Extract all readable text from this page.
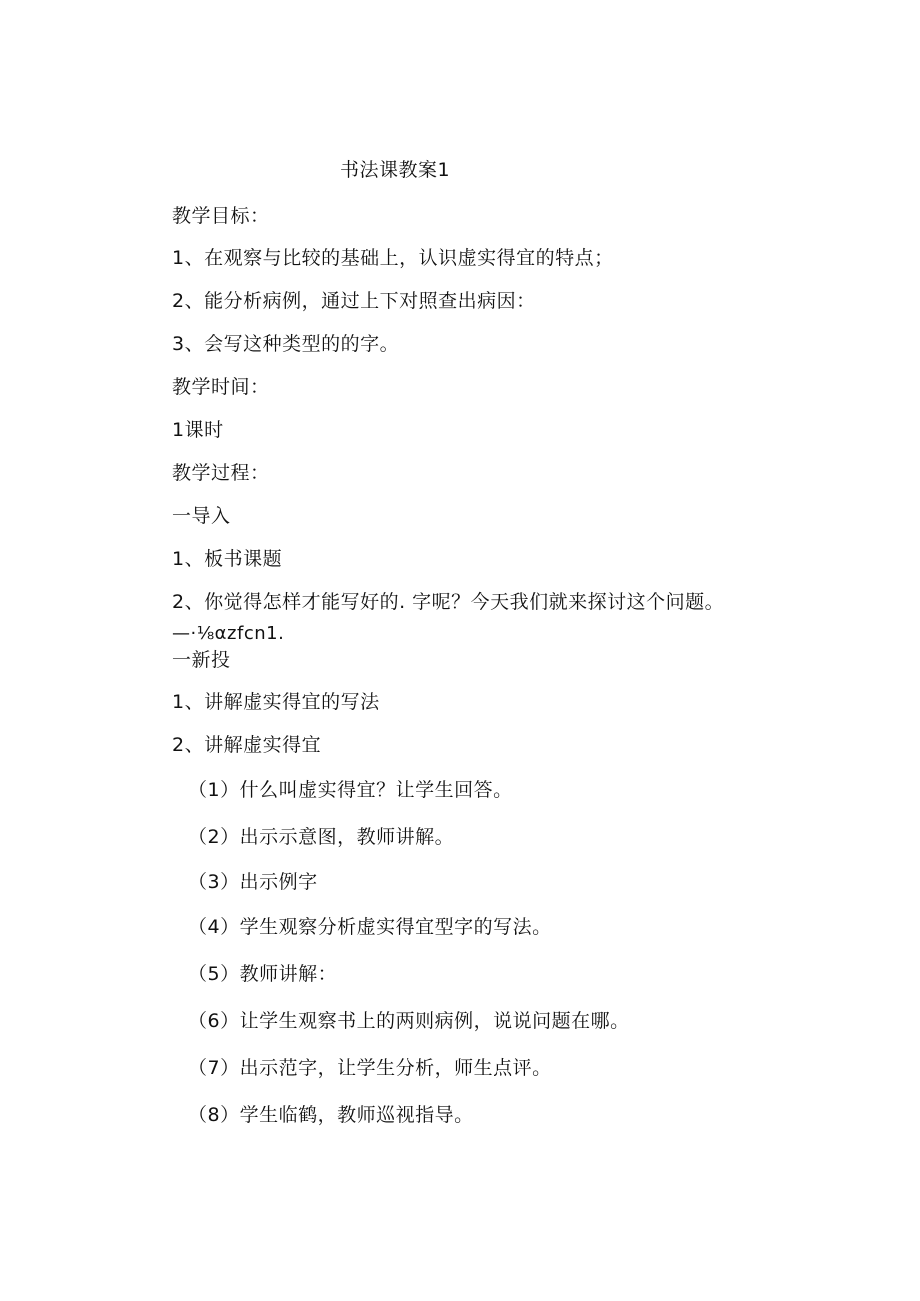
书法课教案1
教学目标：
1、在观察与比较的基础上，认识虚实得宜的特点；
2、能分析病例，通过上下对照查出病因：
3、会写这种类型的的字。
教学时间：
1课时
教学过程：
一导入
1、板书课题
2、你觉得怎样才能写好的. 字呢？今天我们就来探讨这个问题。
—·⅛αzfcn1.
一新投
1、讲解虚实得宜的写法
2、讲解虚实得宜
（1）什么叫虚实得宜？让学生回答。
（2）出示示意图，教师讲解。
（3）出示例字
（4）学生观察分析虚实得宜型字的写法。
（5）教师讲解：
（6）让学生观察书上的两则病例，说说问题在哪。
（7）出示范字，让学生分析，师生点评。
（8）学生临鹤，教师巡视指导。
